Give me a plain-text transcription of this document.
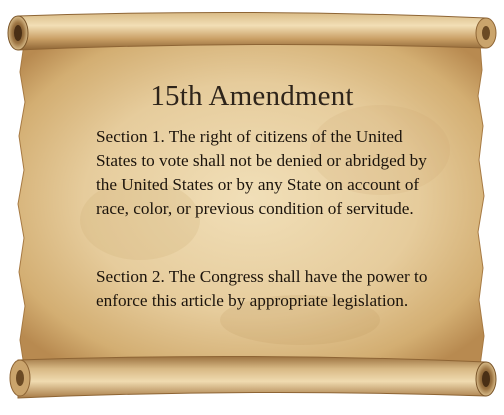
15th Amendment

Section 1. The right of citizens of the United States to vote shall not be denied or abridged by the United States or by any State on account of race, color, or previous condition of servitude.

Section 2. The Congress shall have the power to enforce this article by appropriate legislation.
